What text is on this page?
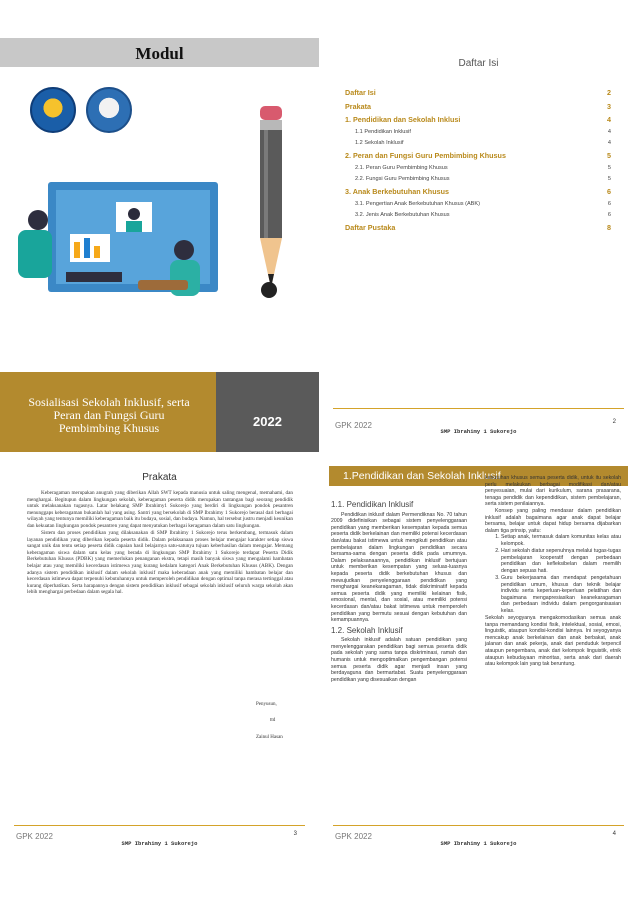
Modul
Sosialisasi Sekolah Inklusif, serta
Peran dan Fungsi Guru
Pembimbing Khusus	2022
Daftar Isi
Daftar Isi	2
Prakata	3
1. Pendidikan dan Sekolah Inklusi	4
1.1 Pendidikan Inklusif	4
1.2 Sekolah Inklusif	4
2. Peran dan Fungsi Guru Pembimbing Khusus	5
2.1. Peran Guru Pembimbing Khusus	5
2.2. Fungsi Guru Pembimbing Khusus	5
3. Anak Berkebutuhan Khusus	6
3.1. Pengertian Anak Berkebutuhan Khusus (ABK)	6
3.2. Jenis Anak Berkebutuhan Khusus	6
Daftar Pustaka	8
GPK 2022
SMP Ibrahimy 1 Sukorejo
2
Prakata

Keberagaman merupakan anugrah yang diberikan Allah SWT kepada manusia untuk saling mengenal, memahami, dan menghargai. Begitupun dalam lingkungan sekolah, keberagaman peserta didik merupakan tantangan bagi seorang pendidik untuk melaksanakan tugasnya. Latar belakang SMP Ibrahimy1 Sukorejo yang berdiri di lingkungan pondok pesantren menunggaps keberagaman bukanlah hal yang asing. Santri yang bersekolah di SMP Ibrahimy 1 Sukorejo berasal dari berbagai wilayah yang tentunya memiliki keberagaman baik itu budaya, sosial, dan budaya. Namun, hal tersebut justru menjadi keunikan dan kekuatan lingkungan pondok pesantren yang dapat menyatukan berbagai keragaman dalam satu lingkungan.

Sistem dan proses pendidikan yang dilaksanakan di SMP Ibrahimy 1 Sukorejo terus berkembang, termasuk dalam layanan pendidikan yang diberikan kepada peserta didik. Dalam pelaksanaan proses belajar mengajar karakter setiap siswa sangat unik dan tentu setiap peserta didik capaian hasil belajarnya satu-satunya tujuan keberhasilan dalam mengajar. Memang keberagaman siswa dalam satu kelas yang berada di lingkungan SMP Ibrahimy 1 Sukorejo terdapat Peserta Didik Berkebutuhan Khusus (PDBK) yang memerlukan penanganan ekstra, tetapi masih banyak siswa yang mengalami hambatan belajar atau yang memiliki kecerdasan istimewa yang kurang kedalam kategori Anak Berkebutuhan Khusus (ABK). Dengan adanya sistem pendidikan inklusif dalam sekolah inklusif maka keberadaan anak yang memiliki hambatan belajar dan kecerdasan istimewa dapat terpenuhi kebutuhannya untuk memperoleh pendidikan dengan optimal tanpa merasa tertinggal atau kurang diperhatikan. Serta harapannya dengan sistem pendidikan inklusif sebagai sekolah inklusif seluruh warga sekolah akan lebih menghargai perbedaan dalam segala hal.

Penyusun,
ttd
Zainul Hasan
GPK 2022
SMP Ibrahimy 1 Sukorejo
3
1.Pendidikan dan Sekolah Inklusif
1.1. Pendidikan Inklusif

Pendidikan inklusif dalam Permendiknas No. 70 tahun 2009 didefinisikan sebagai sistem penyelenggaraan pendidikan yang memberikan kesempatan kepada semua peserta didik berkelainan dan memiliki potensi kecerdasan dan/atau bakat istimewa untuk mengikuti pendidikan atau pembelajaran dalam lingkungan pendidikan secara bersama-sama dengan peserta didik pada umumnya. Dalam pelaksanaannya, pendidikan inklusif bertujuan untuk memberikan kesempatan yang seluas-luasnya kepada peserta didik berkebutuhan khusus dan mewujudkan penyelenggaraan pendidikan yang menghargai keanekaragaman, tidak diskriminatif kepada semua peserta didik yang memiliki kelainan fisik, emosional, mental, dan sosial, atau memiliki potensi kecerdasan dan/atau bakat istimewa untuk memperoleh pendidikan yang bermutu sesuai dengan kebutuhan dan kemampuannya.

1.2. Sekolah Inklusif

Sekolah inklusif adalah satuan pendidikan yang menyelenggarakan pendidikan bagi semua peserta didik pada sekolah yang sama tanpa diskriminasi, ramah dan humanis untuk mengoptimalkan pengembangan potensi semua peserta didik agar menjadi insan yang berdayaguna dan bermartabat. Suatu penyelenggaraan pendidikan yang disesuaikan dengan

kebutuhan khusus semua peserta didik, untuk itu sekolah perlu melakukan berbagai modifikasi dan/atau penyesuaian, mulai dari kurikulum, sarana prasarana, tenaga pendidik dan kependidikan, sistem pembelajaran, serta sistem penilaiannya.

Konsep yang paling mendasar dalam pendidikan inklusif adalah bagaimana agar anak dapat belajar bersama, belajar untuk dapat hidup bersama dijabarkan dalam tiga prinsip, yaitu:

1. Setiap anak, termasuk dalam komunitas kelas atau kelompok.
2. Hari sekolah diatur sepenuhnya melalui tugas-tugas pembelajaran kooperatif dengan perbedaan pendidikan dan kefleksibelan dalam memilih dengan sepuas hati.
3. Guru bekerjasama dan mendapat pengetahuan pendidikan umum, khusus dan teknik belajar individu serta keperluan-keperluan pelatihan dan bagaimana mengapresiasikan keanekaragaman dan perbedaan individu dalam pengorganisasian kelas.

Sekolah seyogyanya mengakomodasikan semua anak tanpa memandang kondisi fisik, intelektual, sosial, emosi, linguistik, ataupun kondisi-kondisi lainnya. Ini seyogyanya mencakup anak berkelainan dan anak berbakat, anak jalanan dan anak pekerja, anak dari penduduk terpencil ataupun pengembara, anak dari kelompok linguistik, etnik ataupun kebudayaan minoritas, serta anak dari daerah atau kelompok lain yang tak beruntung.

GPK 2022
SMP Ibrahimy 1 Sukorejo
4
